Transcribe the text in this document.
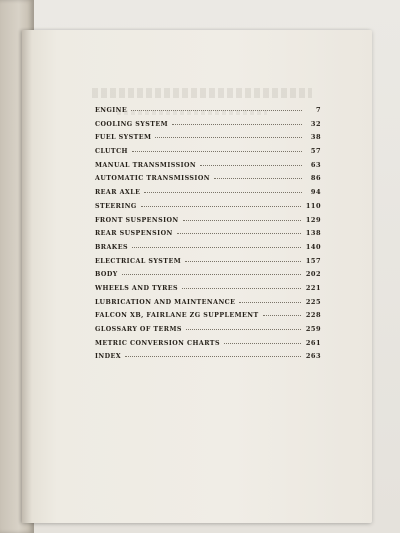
ENGINE	7
COOLING SYSTEM	32
FUEL SYSTEM	38
CLUTCH	57
MANUAL TRANSMISSION	63
AUTOMATIC TRANSMISSION	86
REAR AXLE	94
STEERING	110
FRONT SUSPENSION	129
REAR SUSPENSION	138
BRAKES	140
ELECTRICAL SYSTEM	157
BODY	202
WHEELS AND TYRES	221
LUBRICATION AND MAINTENANCE	225
FALCON XB, FAIRLANE ZG SUPPLEMENT	228
GLOSSARY OF TERMS	259
METRIC CONVERSION CHARTS	261
INDEX	263
